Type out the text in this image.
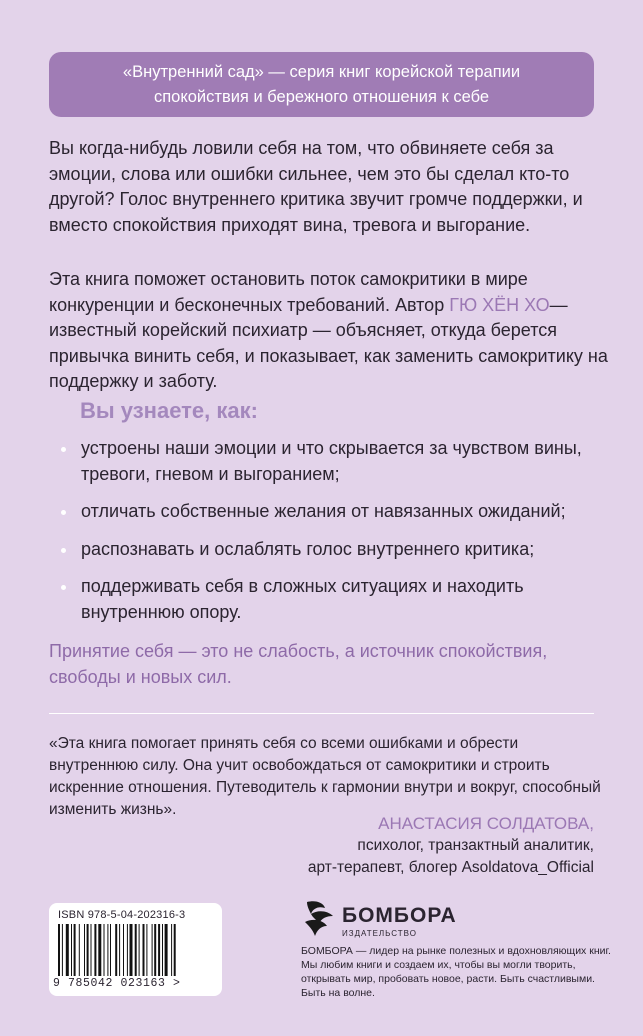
«Внутренний сад» — серия книг корейской терапии
спокойствия и бережного отношения к себе

Вы когда-нибудь ловили себя на том, что обвиняете себя за эмоции, слова или ошибки сильнее, чем это бы сделал кто-то другой? Голос внутреннего критика звучит громче поддержки, и вместо спокойствия приходят вина, тревога и выгорание.

Эта книга поможет остановить поток самокритики в мире конкуренции и бесконечных требований. Автор ГЮ ХЁН ХО— известный корейский психиатр — объясняет, откуда берется привычка винить себя, и показывает, как заменить самокритику на поддержку и заботу.

Вы узнаете, как:
устроены наши эмоции и что скрывается за чувством вины, тревоги, гневом и выгоранием;
отличать собственные желания от навязанных ожиданий;
распознавать и ослаблять голос внутреннего критика;
поддерживать себя в сложных ситуациях и находить внутреннюю опору.

Принятие себя — это не слабость, а источник спокойствия, свободы и новых сил.

«Эта книга помогает принять себя со всеми ошибками и обрести внутреннюю силу. Она учит освобождаться от самокритики и строить искренние отношения. Путеводитель к гармонии внутри и вокруг, способный изменить жизнь».

АНАСТАСИЯ СОЛДАТОВА,
психолог, транзактный аналитик,
арт-терапевт, блогер Asoldatova_Official
ISBN 978-5-04-202316-3
9 785042 023163 >
БОМБОРА
ИЗДАТЕЛЬСТВО

БОМБОРА — лидер на рынке полезных и вдохновляющих книг. Мы любим книги и создаем их, чтобы вы могли творить, открывать мир, пробовать новое, расти. Быть счастливыми. Быть на волне.
